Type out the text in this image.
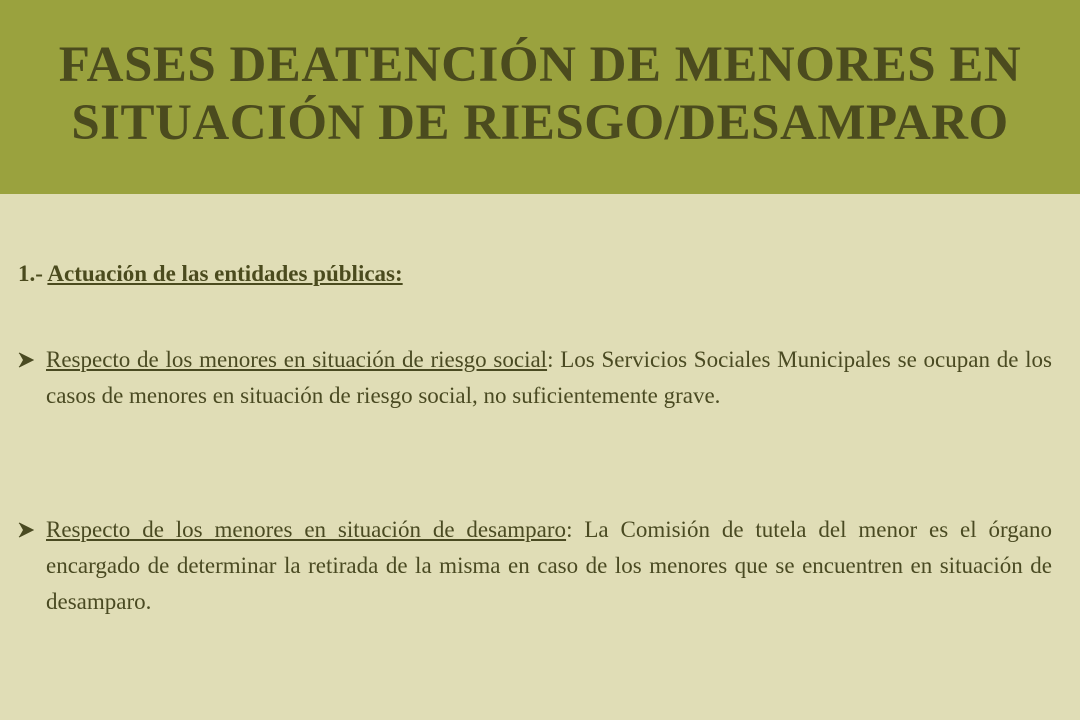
FASES DEATENCIÓN DE MENORES EN SITUACIÓN DE RIESGO/DESAMPARO
1.- Actuación de las entidades públicas:
Respecto de los menores en situación de riesgo social: Los Servicios Sociales Municipales se ocupan de los casos de menores en situación de riesgo social, no suficientemente grave.
Respecto de los menores en situación de desamparo: La Comisión de tutela del menor es el órgano encargado de determinar la retirada de la misma en caso de los menores que se encuentren en situación de desamparo.
